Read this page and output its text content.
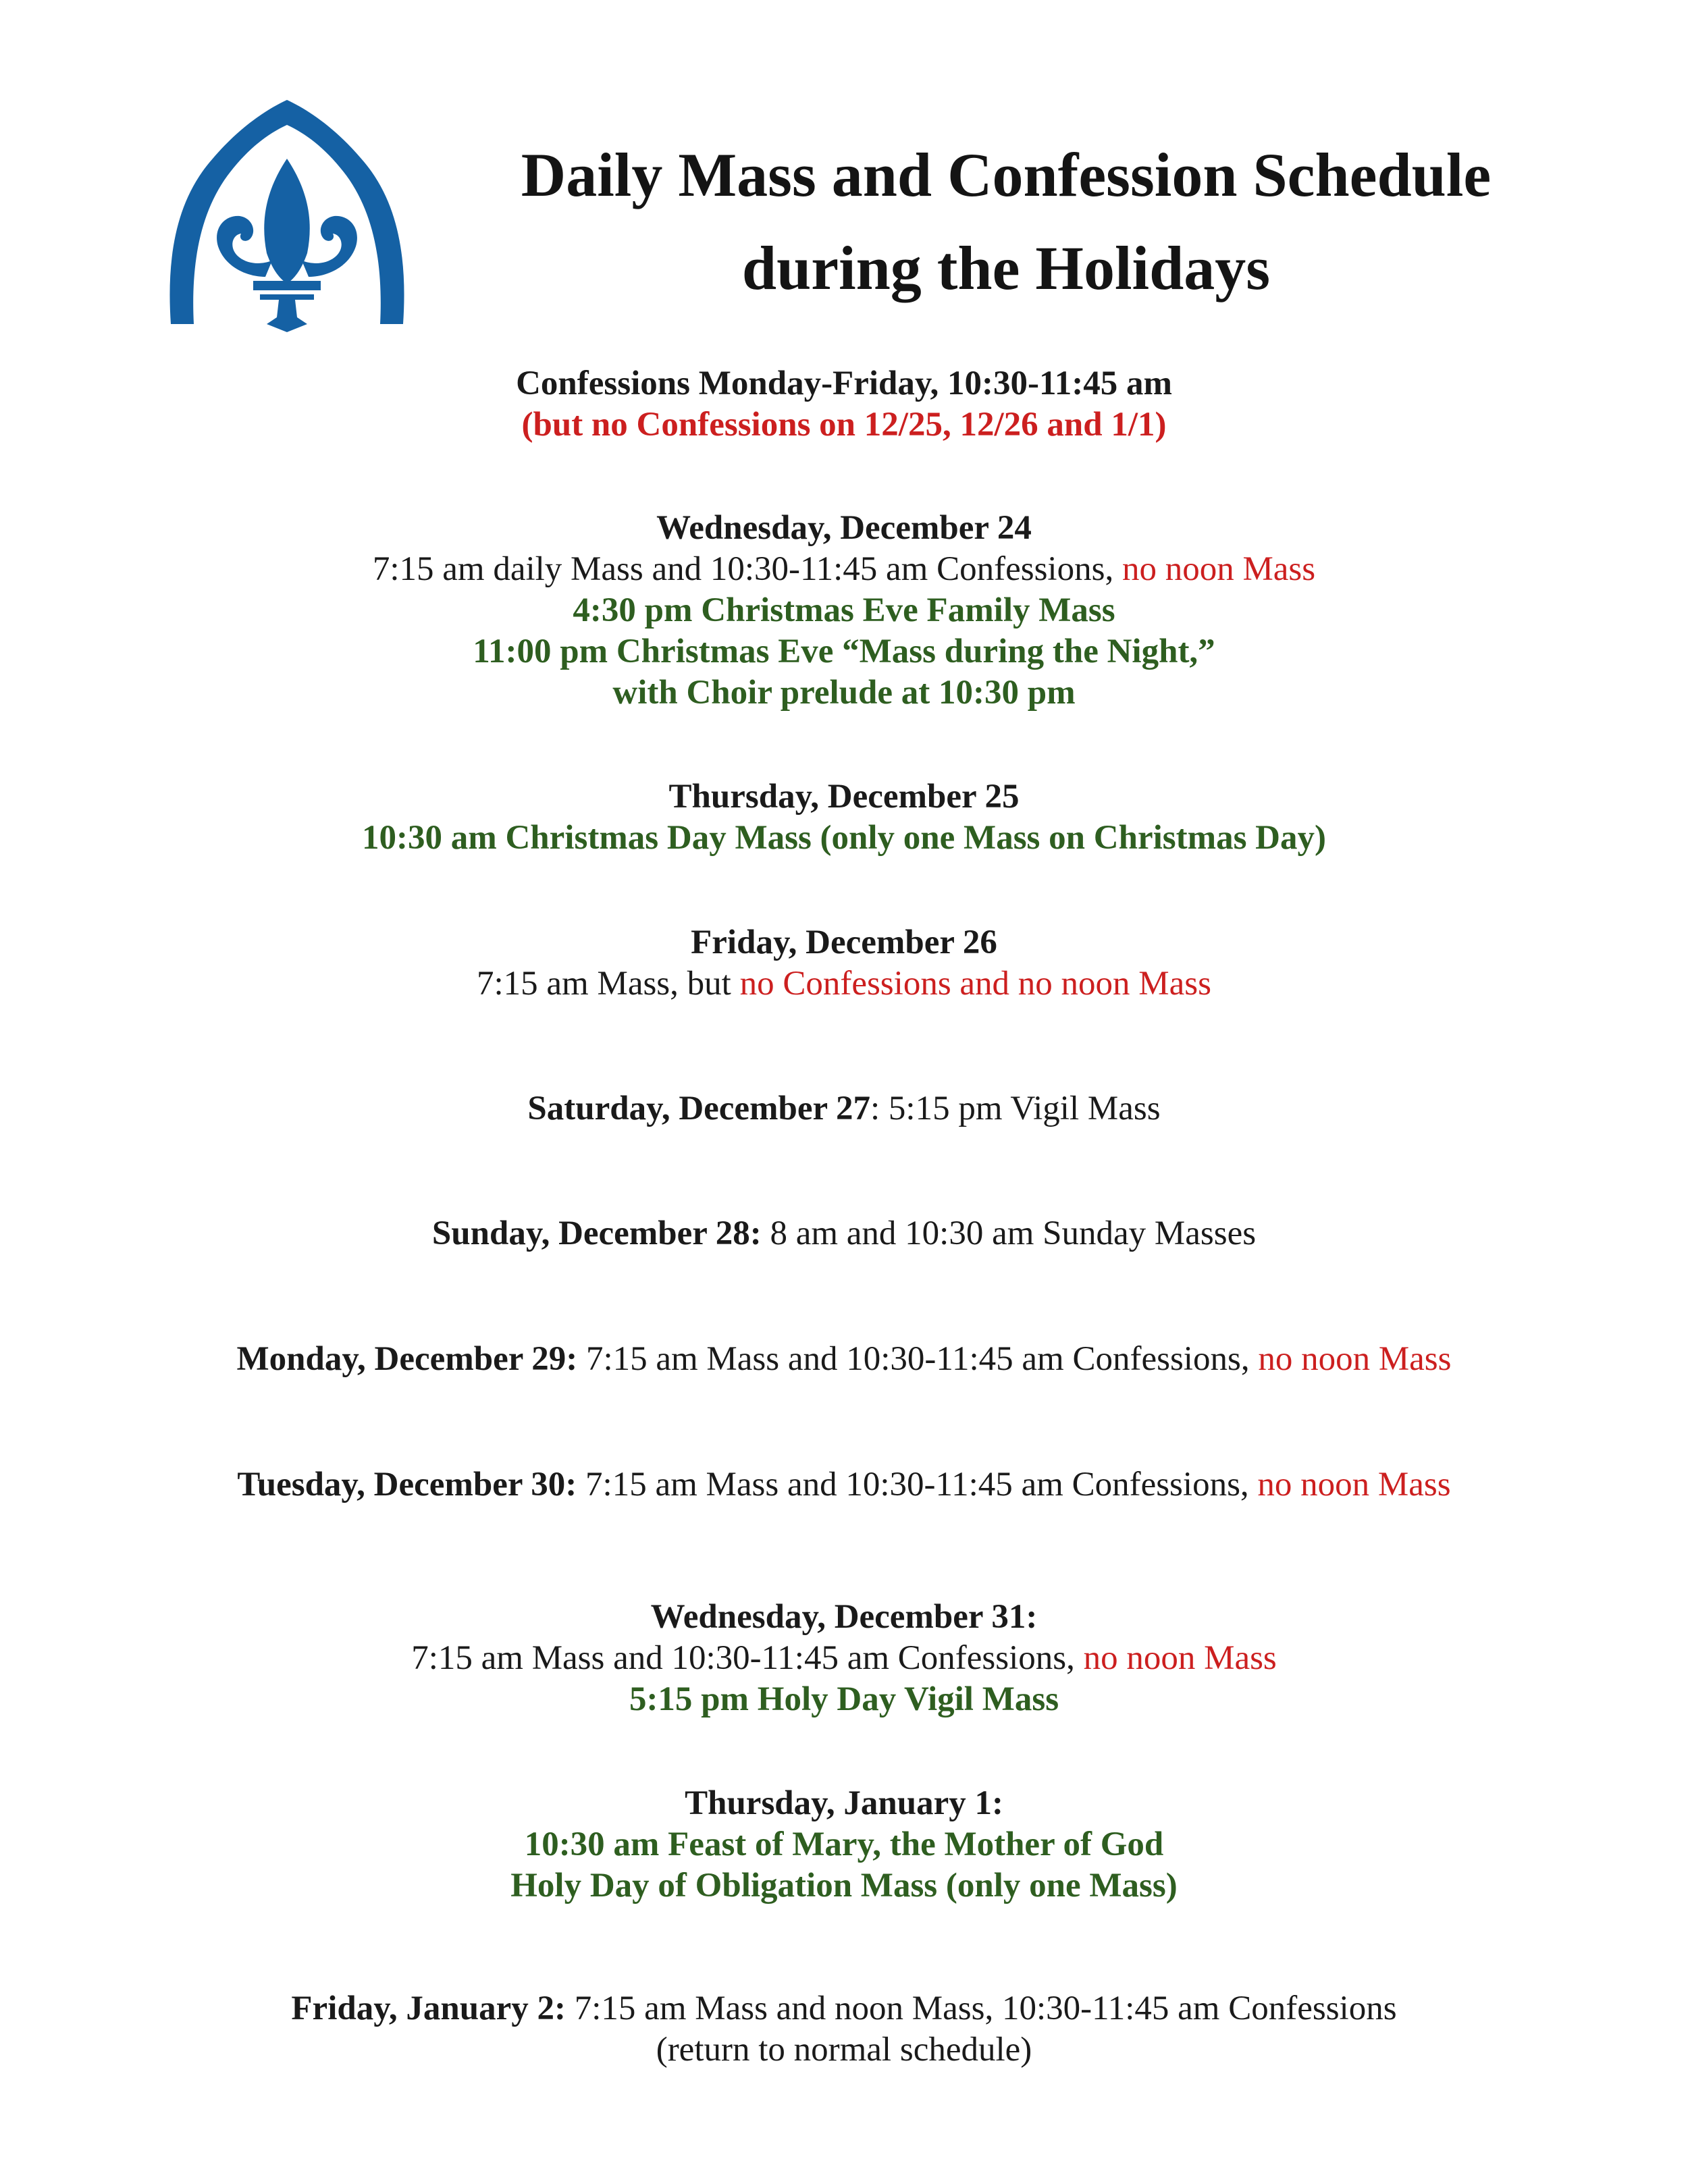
Daily Mass and Confession Schedule
during the Holidays
Confessions Monday-Friday, 10:30-11:45 am
(but no Confessions on 12/25, 12/26 and 1/1)
Wednesday, December 24
7:15 am daily Mass and 10:30-11:45 am Confessions, no noon Mass
4:30 pm Christmas Eve Family Mass
11:00 pm Christmas Eve “Mass during the Night,”
with Choir prelude at 10:30 pm
Thursday, December 25
10:30 am Christmas Day Mass (only one Mass on Christmas Day)
Friday, December 26
7:15 am Mass, but no Confessions and no noon Mass
Saturday, December 27: 5:15 pm Vigil Mass
Sunday, December 28: 8 am and 10:30 am Sunday Masses
Monday, December 29: 7:15 am Mass and 10:30-11:45 am Confessions, no noon Mass
Tuesday, December 30: 7:15 am Mass and 10:30-11:45 am Confessions, no noon Mass
Wednesday, December 31:
7:15 am Mass and 10:30-11:45 am Confessions, no noon Mass
5:15 pm Holy Day Vigil Mass
Thursday, January 1:
10:30 am Feast of Mary, the Mother of God
Holy Day of Obligation Mass (only one Mass)
Friday, January 2: 7:15 am Mass and noon Mass, 10:30-11:45 am Confessions
(return to normal schedule)
